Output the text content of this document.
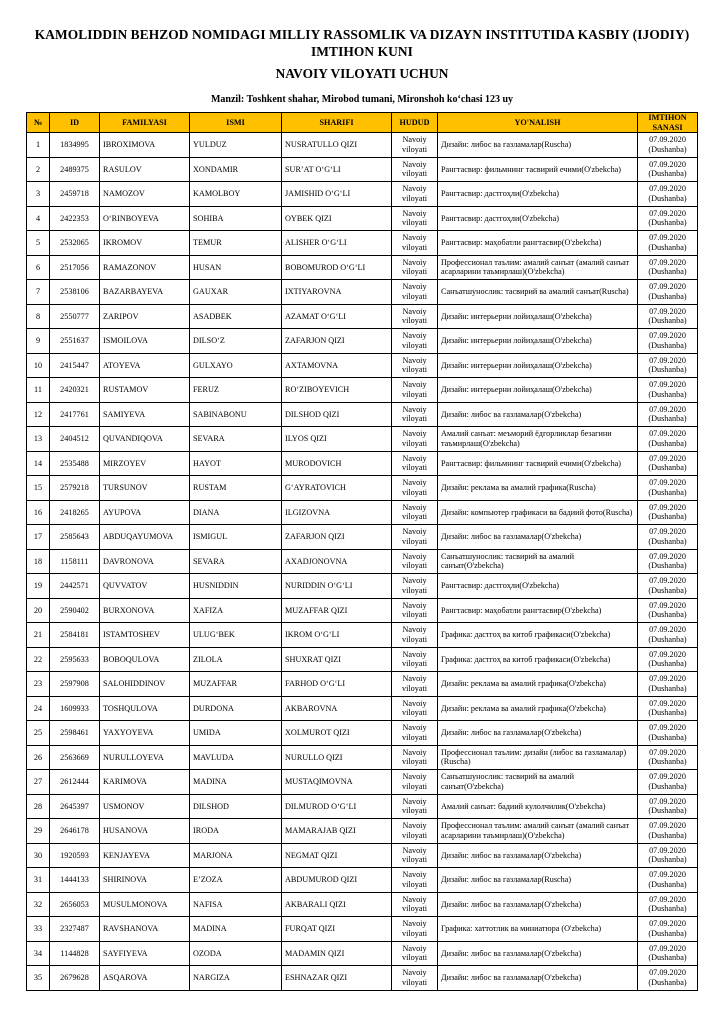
KAMOLIDDIN BEHZOD NOMIDAGI MILLIY RASSOMLIK VA DIZAYN INSTITUTIDA KASBIY (IJODIY) IMTIHON KUNI
NAVOIY VILOYATI UCHUN
Manzil: Toshkent shahar, Mirobod tumani, Mironshoh ko‘chasi 123 uy
№	ID	FAMILYASI	ISMI	SHARIFI	HUDUD	YO'NALISH	IMTIHON SANASI
1	1834995	IBROXIMOVA	YULDUZ	NUSRATULLO QIZI	Navoiy viloyati	Дизайн: либос ва газламалар(Ruscha)	07.09.2020 (Dushanba)
2	2489375	RASULOV	XONDAMIR	SUR’AT O‘G‘LI	Navoiy viloyati	Рангтасвир: фильмнинг тасвирий ечими(O'zbekcha)	07.09.2020 (Dushanba)
3	2459718	NAMOZOV	KAMOLBOY	JAMISHID O‘G‘LI	Navoiy viloyati	Рангтасвир: дастгоҳли(O'zbekcha)	07.09.2020 (Dushanba)
4	2422353	O‘RINBOYEVA	SOHIBA	OYBEK QIZI	Navoiy viloyati	Рангтасвир: дастгоҳли(O'zbekcha)	07.09.2020 (Dushanba)
5	2532065	IKROMOV	TEMUR	ALISHER O‘G‘LI	Navoiy viloyati	Рангтасвир: маҳобатли рангтасвир(O'zbekcha)	07.09.2020 (Dushanba)
6	2517056	RAMAZONOV	HUSAN	BOBOMUROD O‘G‘LI	Navoiy viloyati	Профессионал таълим: амалий санъат (амалий санъат асарларини таъмирлаш)(O'zbekcha)	07.09.2020 (Dushanba)
7	2538106	BAZARBAYEVA	GAUXAR	IXTIYAROVNA	Navoiy viloyati	Санъатшунослик: тасвирий ва амалий санъат(Ruscha)	07.09.2020 (Dushanba)
8	2550777	ZARIPOV	ASADBEK	AZAMAT O‘G‘LI	Navoiy viloyati	Дизайн: интерьерни лойиҳалаш(O'zbekcha)	07.09.2020 (Dushanba)
9	2551637	ISMOILOVA	DILSO‘Z	ZAFARJON QIZI	Navoiy viloyati	Дизайн: интерьерни лойиҳалаш(O'zbekcha)	07.09.2020 (Dushanba)
10	2415447	ATOYEVA	GULXAYO	AXTAMOVNA	Navoiy viloyati	Дизайн: интерьерни лойиҳалаш(O'zbekcha)	07.09.2020 (Dushanba)
11	2420321	RUSTAMOV	FERUZ	RO‘ZIBOYEVICH	Navoiy viloyati	Дизайн: интерьерни лойиҳалаш(O'zbekcha)	07.09.2020 (Dushanba)
12	2417761	SAMIYEVA	SABINABONU	DILSHOD QIZI	Navoiy viloyati	Дизайн: либос ва газламалар(O'zbekcha)	07.09.2020 (Dushanba)
13	2404512	QUVANDIQOVA	SEVARA	ILYOS QIZI	Navoiy viloyati	Амалий санъат: меъморий ёдгорликлар безагини таъмирлаш(O'zbekcha)	07.09.2020 (Dushanba)
14	2535488	MIRZOYEV	HAYOT	MURODOVICH	Navoiy viloyati	Рангтасвир: фильмнинг тасвирий ечими(O'zbekcha)	07.09.2020 (Dushanba)
15	2579218	TURSUNOV	RUSTAM	G‘AYRATOVICH	Navoiy viloyati	Дизайн: реклама ва амалий графика(Ruscha)	07.09.2020 (Dushanba)
16	2418265	AYUPOVA	DIANA	ILGIZOVNA	Navoiy viloyati	Дизайн: компьютер графикаси ва бадиий фото(Ruscha)	07.09.2020 (Dushanba)
17	2585643	ABDUQAYUMOVA	ISMIGUL	ZAFARJON QIZI	Navoiy viloyati	Дизайн: либос ва газламалар(O'zbekcha)	07.09.2020 (Dushanba)
18	1158111	DAVRONOVA	SEVARA	AXADJONOVNA	Navoiy viloyati	Санъатшунослик: тасвирий ва амалий санъат(O'zbekcha)	07.09.2020 (Dushanba)
19	2442571	QUVVATOV	HUSNIDDIN	NURIDDIN O‘G‘LI	Navoiy viloyati	Рангтасвир: дастгоҳли(O'zbekcha)	07.09.2020 (Dushanba)
20	2590402	BURXONOVA	XAFIZA	MUZAFFAR QIZI	Navoiy viloyati	Рангтасвир: маҳобатли рангтасвир(O'zbekcha)	07.09.2020 (Dushanba)
21	2584181	ISTAMTOSHEV	ULUG‘BEK	IKROM O‘G‘LI	Navoiy viloyati	Графика: дастгоҳ ва китоб графикаси(O'zbekcha)	07.09.2020 (Dushanba)
22	2595633	BOBOQULOVA	ZILOLA	SHUXRAT QIZI	Navoiy viloyati	Графика: дастгоҳ ва китоб графикаси(O'zbekcha)	07.09.2020 (Dushanba)
23	2597908	SALOHIDDINOV	MUZAFFAR	FARHOD O‘G‘LI	Navoiy viloyati	Дизайн: реклама ва амалий графика(O'zbekcha)	07.09.2020 (Dushanba)
24	1609933	TOSHQULOVA	DURDONA	AKBAROVNA	Navoiy viloyati	Дизайн: реклама ва амалий графика(O'zbekcha)	07.09.2020 (Dushanba)
25	2598461	YAXYOYEVA	UMIDA	XOLMUROT QIZI	Navoiy viloyati	Дизайн: либос ва газламалар(O'zbekcha)	07.09.2020 (Dushanba)
26	2563669	NURULLOYEVA	MAVLUDA	NURULLO QIZI	Navoiy viloyati	Профессионал таълим: дизайн (либос ва газламалар)(Ruscha)	07.09.2020 (Dushanba)
27	2612444	KARIMOVA	MADINA	MUSTAQIMOVNA	Navoiy viloyati	Санъатшунослик: тасвирий ва амалий санъат(O'zbekcha)	07.09.2020 (Dushanba)
28	2645397	USMONOV	DILSHOD	DILMUROD O‘G‘LI	Navoiy viloyati	Амалий санъат: бадиий кулолчилик(O'zbekcha)	07.09.2020 (Dushanba)
29	2646178	HUSANOVA	IRODA	MAMARAJAB QIZI	Navoiy viloyati	Профессионал таълим: амалий санъат (амалий санъат асарларини таъмирлаш)(O'zbekcha)	07.09.2020 (Dushanba)
30	1920593	KENJAYEVA	MARJONA	NEGMAT QIZI	Navoiy viloyati	Дизайн: либос ва газламалар(O'zbekcha)	07.09.2020 (Dushanba)
31	1444133	SHIRINOVA	E’ZOZA	ABDUMUROD QIZI	Navoiy viloyati	Дизайн: либос ва газламалар(Ruscha)	07.09.2020 (Dushanba)
32	2656053	MUSULMONOVA	NAFISA	AKBARALI QIZI	Navoiy viloyati	Дизайн: либос ва газламалар(O'zbekcha)	07.09.2020 (Dushanba)
33	2327487	RAVSHANOVA	MADINA	FURQAT QIZI	Navoiy viloyati	Графика: хаттотлик ва миниатюра (O'zbekcha)	07.09.2020 (Dushanba)
34	1144828	SAYFIYEVA	OZODA	MADAMIN QIZI	Navoiy viloyati	Дизайн: либос ва газламалар(O'zbekcha)	07.09.2020 (Dushanba)
35	2679628	ASQAROVA	NARGIZA	ESHNAZAR QIZI	Navoiy viloyati	Дизайн: либос ва газламалар(O'zbekcha)	07.09.2020 (Dushanba)
